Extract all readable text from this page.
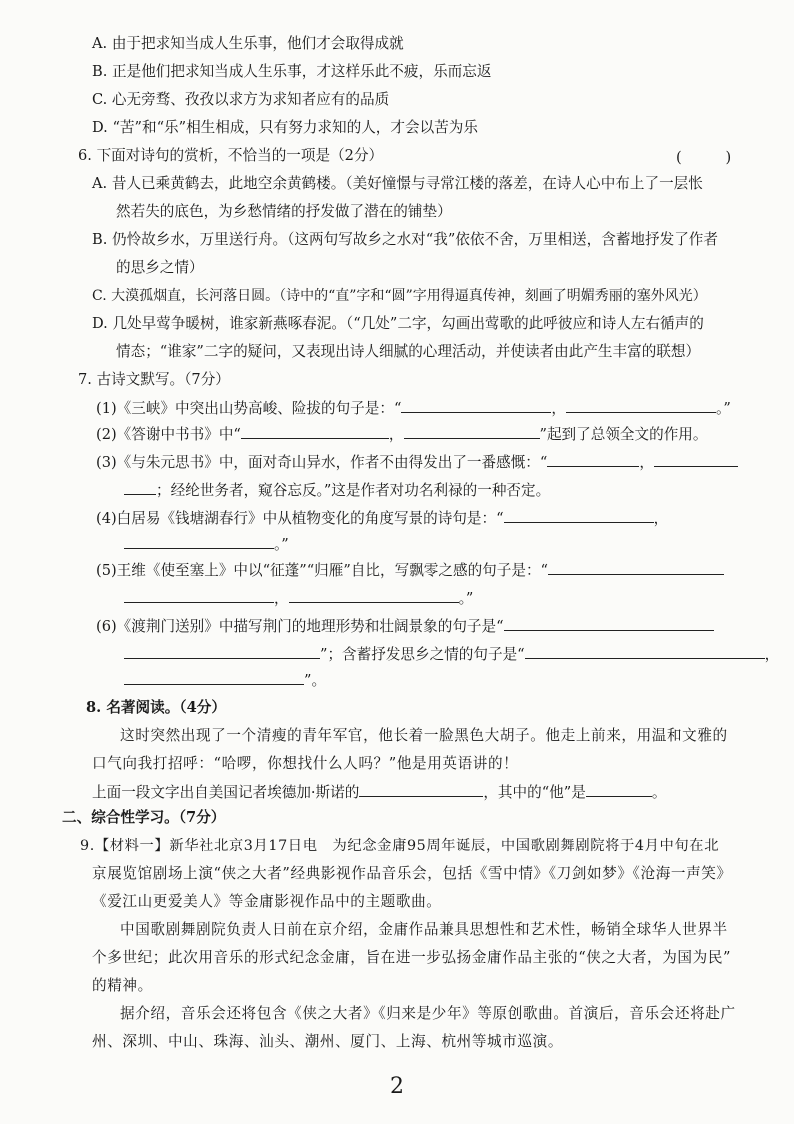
A. 由于把求知当成人生乐事，他们才会取得成就
B. 正是他们把求知当成人生乐事，才这样乐此不疲，乐而忘返
C. 心无旁骛、孜孜以求方为求知者应有的品质
D. “苦”和“乐”相生相成，只有努力求知的人，才会以苦为乐
6. 下面对诗句的赏析，不恰当的一项是（2分）	(　　　)
A. 昔人已乘黄鹤去，此地空余黄鹤楼。（美好憧憬与寻常江楼的落差，在诗人心中布上了一层怅
然若失的底色，为乡愁情绪的抒发做了潜在的铺垫）
B. 仍怜故乡水，万里送行舟。（这两句写故乡之水对“我”依依不舍，万里相送，含蓄地抒发了作者
的思乡之情）
C. 大漠孤烟直，长河落日圆。（诗中的“直”字和“圆”字用得逼真传神，刻画了明媚秀丽的塞外风光）
D. 几处早莺争暖树，谁家新燕啄春泥。（“几处”二字，勾画出莺歌的此呼彼应和诗人左右循声的
情态；“谁家”二字的疑问，又表现出诗人细腻的心理活动，并使读者由此产生丰富的联想）
7. 古诗文默写。（7分）
(1)《三峡》中突出山势高峻、险拔的句子是：“	，	。”
(2)《答谢中书书》中“	，	”起到了总领全文的作用。
(3)《与朱元思书》中，面对奇山异水，作者不由得发出了一番感慨：“	，
；经纶世务者，窥谷忘反。”这是作者对功名利禄的一种否定。
(4)白居易《钱塘湖春行》中从植物变化的角度写景的诗句是：“	，
。”
(5)王维《使至塞上》中以“征蓬”“归雁”自比，写飘零之感的句子是：“
，	。”
(6)《渡荆门送别》中描写荆门的地理形势和壮阔景象的句子是“
”；含蓄抒发思乡之情的句子是“	，
”。
8. 名著阅读。（4分）
这时突然出现了一个清瘦的青年军官，他长着一脸黑色大胡子。他走上前来，用温和文雅的
口气向我打招呼：“哈啰，你想找什么人吗？”他是用英语讲的！
上面一段文字出自美国记者埃德加·斯诺的	，其中的“他”是	。
二、综合性学习。（7分）
9.【材料一】新华社北京3月17日电　为纪念金庸95周年诞辰，中国歌剧舞剧院将于4月中旬在北
京展览馆剧场上演“侠之大者”经典影视作品音乐会，包括《雪中情》《刀剑如梦》《沧海一声笑》
《爱江山更爱美人》等金庸影视作品中的主题歌曲。
中国歌剧舞剧院负责人日前在京介绍，金庸作品兼具思想性和艺术性，畅销全球华人世界半
个多世纪；此次用音乐的形式纪念金庸，旨在进一步弘扬金庸作品主张的“侠之大者，为国为民”
的精神。
据介绍，音乐会还将包含《侠之大者》《归来是少年》等原创歌曲。首演后，音乐会还将赴广
州、深圳、中山、珠海、汕头、潮州、厦门、上海、杭州等城市巡演。
2
